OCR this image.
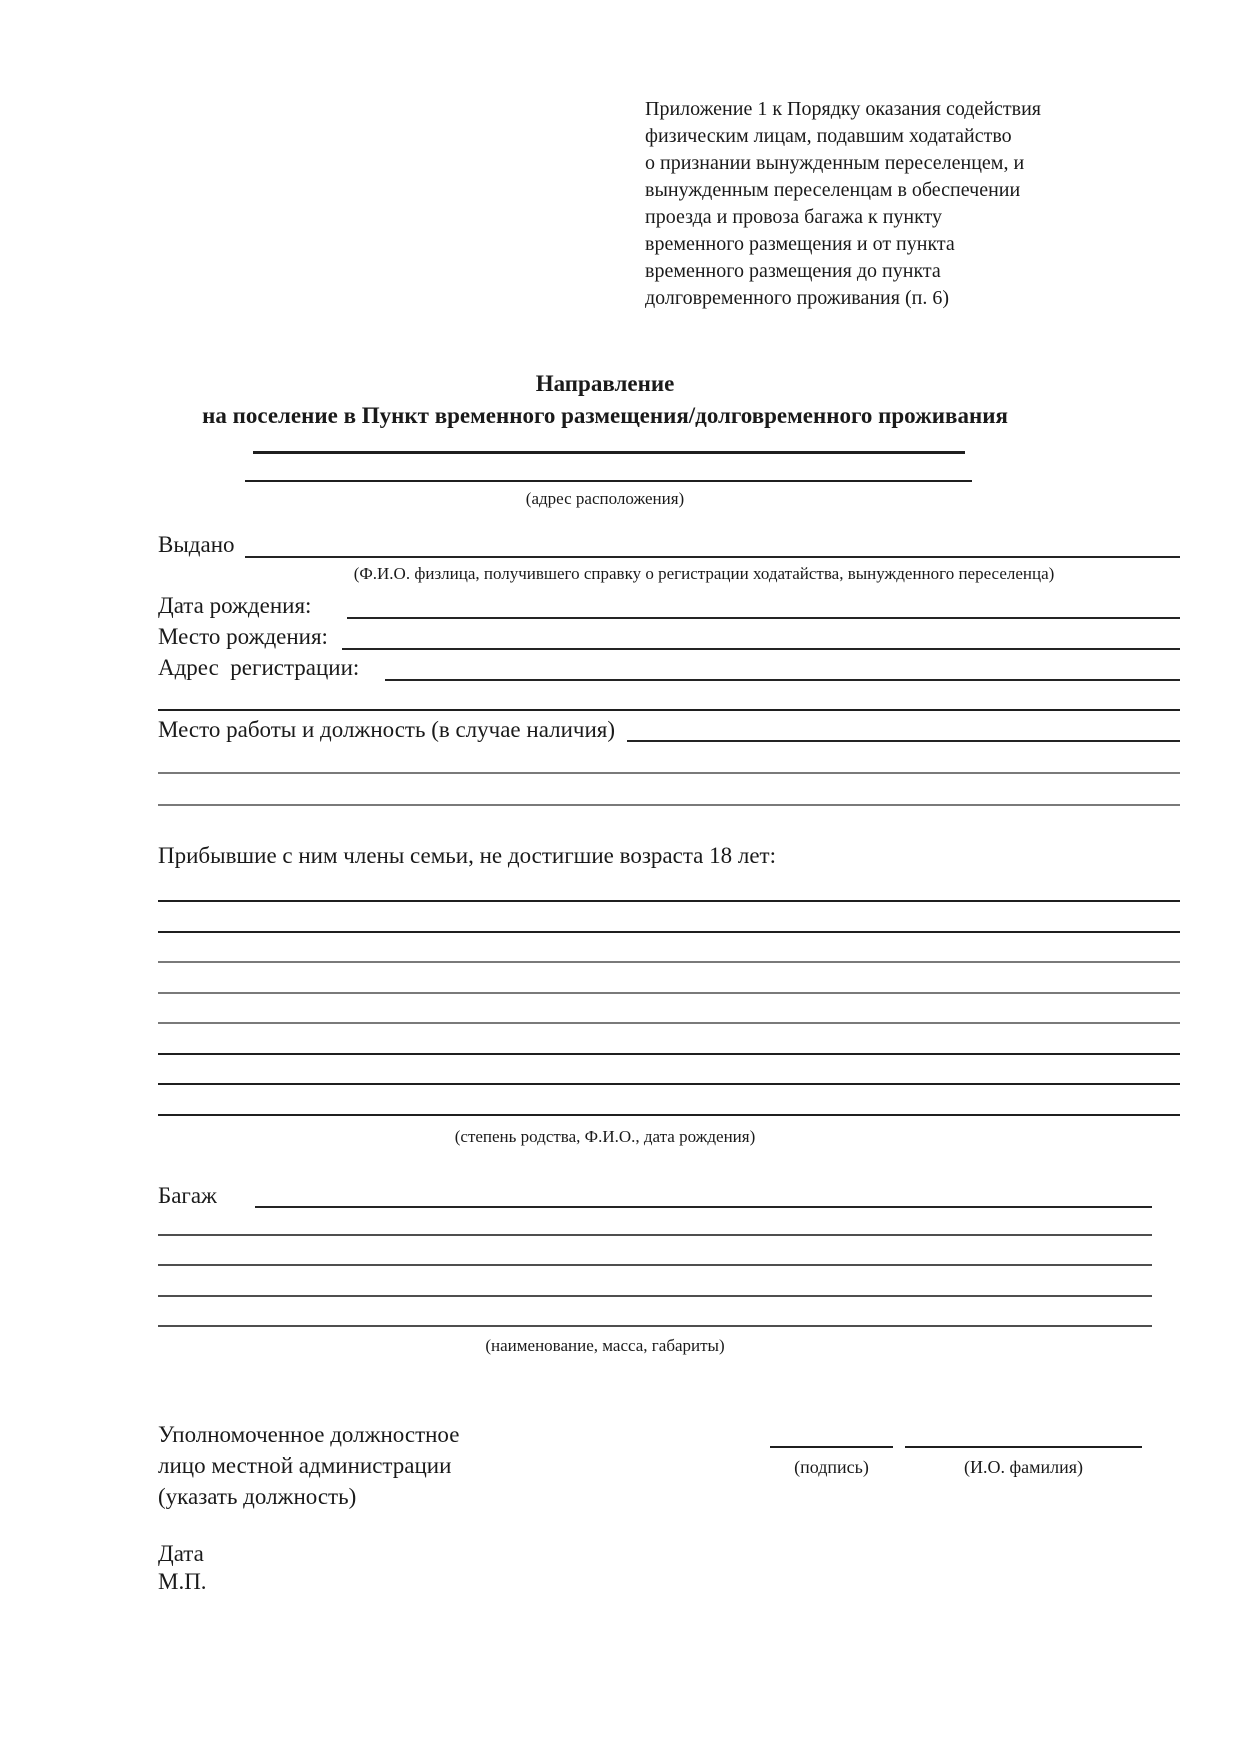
Приложение 1 к Порядку оказания содействия
физическим лицам, подавшим ходатайство
о признании вынужденным переселенцем, и
вынужденным переселенцам в обеспечении
проезда и провоза багажа к пункту
временного размещения и от пункта
временного размещения до пункта
долговременного проживания (п. 6)
Направление
на поселение в Пункт временного размещения/долговременного проживания
(адрес расположения)
Выдано
(Ф.И.О. физлица, получившего справку о регистрации ходатайства, вынужденного переселенца)
Дата рождения:
Место рождения:
Адрес  регистрации:
Место работы и должность (в случае наличия)
Прибывшие с ним члены семьи, не достигшие возраста 18 лет:
(степень родства, Ф.И.О., дата рождения)
Багаж
(наименование, масса, габариты)
Уполномоченное должностное
лицо местной администрации
(указать должность)
(подпись)	(И.О. фамилия)
Дата
М.П.
